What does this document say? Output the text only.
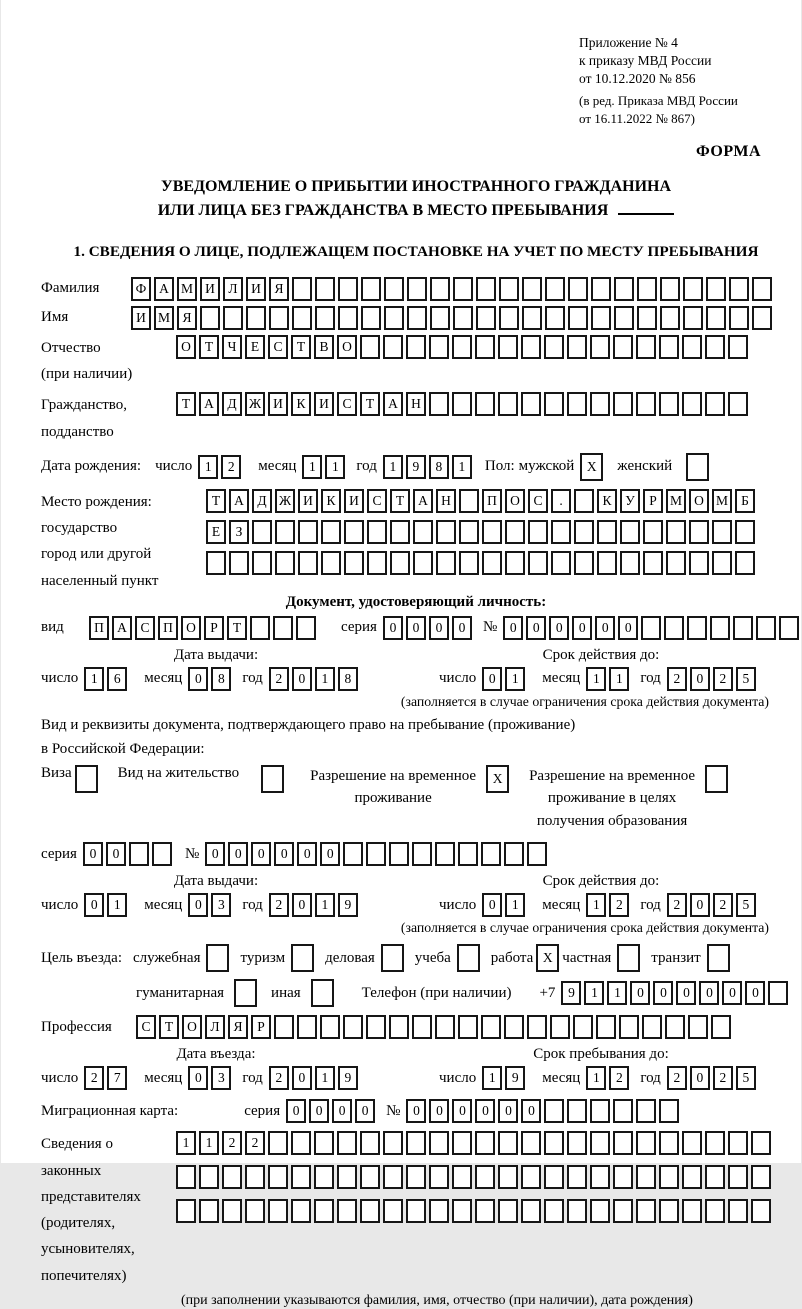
Приложение № 4
к приказу МВД России
от 10.12.2020 № 856
(в ред. Приказа МВД России
от 16.11.2022 № 867)
ФОРМА
УВЕДОМЛЕНИЕ О ПРИБЫТИИ ИНОСТРАННОГО ГРАЖДАНИНА
ИЛИ ЛИЦА БЕЗ ГРАЖДАНСТВА В МЕСТО ПРЕБЫВАНИЯ
1. СВЕДЕНИЯ О ЛИЦЕ, ПОДЛЕЖАЩЕМ ПОСТАНОВКЕ НА УЧЕТ ПО МЕСТУ ПРЕБЫВАНИЯ
Фамилия	Ф А М И	Л	И	Я
Имя	И М Я
Отчество
(при наличии)
О	Т	Ч	Е	С	Т	В	О
Гражданство,
подданство
Т	А	Д Ж И	К	И	С	Т	А Н
Дата рождения: число 1	2	месяц 1	1	год 1	9	8	1	Пол: мужской X	женский
Место рождения:
государство
город или другой
населенный пункт
Т	А	Д Ж И	К	И	С	Т	А Н	П О	С	.	К	У	Р М О М Б
Е	З
Документ, удостоверяющий личность:
вид	П А	С	П О	Р	Т	серия 0	0	0	0	№ 0	0	0	0	0	0
Дата выдачи:	Срок действия до:
число 1	6	месяц 0	8	год 2	0	1	8	число 0	1	месяц 1	1	год 2	0	2	5
(заполняется в случае ограничения срока действия документа)
Вид и реквизиты документа, подтверждающего право на пребывание (проживание)
в Российской Федерации:
Виза	Вид на жительство	Разрешение на временное
проживание
X	Разрешение на временное
проживание в целях
получения образования
серия 0	0	№ 0	0	0	0	0	0
Дата выдачи:	Срок действия до:
число 0	1	месяц 0	3	год 2	0	1	9	число 0	1	месяц 1	2	год 2	0	2	5
(заполняется в случае ограничения срока действия документа)
Цель въезда: служебная	туризм	деловая	учеба	работа X частная	транзит
гуманитарная	иная	Телефон (при наличии) +7 9	1	1	0	0	0	0	0	0
Профессия	С	Т	О	Л	Я	Р
Дата въезда:	Срок пребывания до:
число 2	7	месяц 0	3	год 2	0	1	9	число 1	9	месяц 1	2	год 2	0	2	5
Миграционная карта:	серия 0	0	0	0	№ 0	0	0	0	0	0
Сведения о
законных
представителях
(родителях,
усыновителях,
попечителях)
1	1	2	2
(при заполнении указываются фамилия, имя, отчество (при наличии), дата рождения)
